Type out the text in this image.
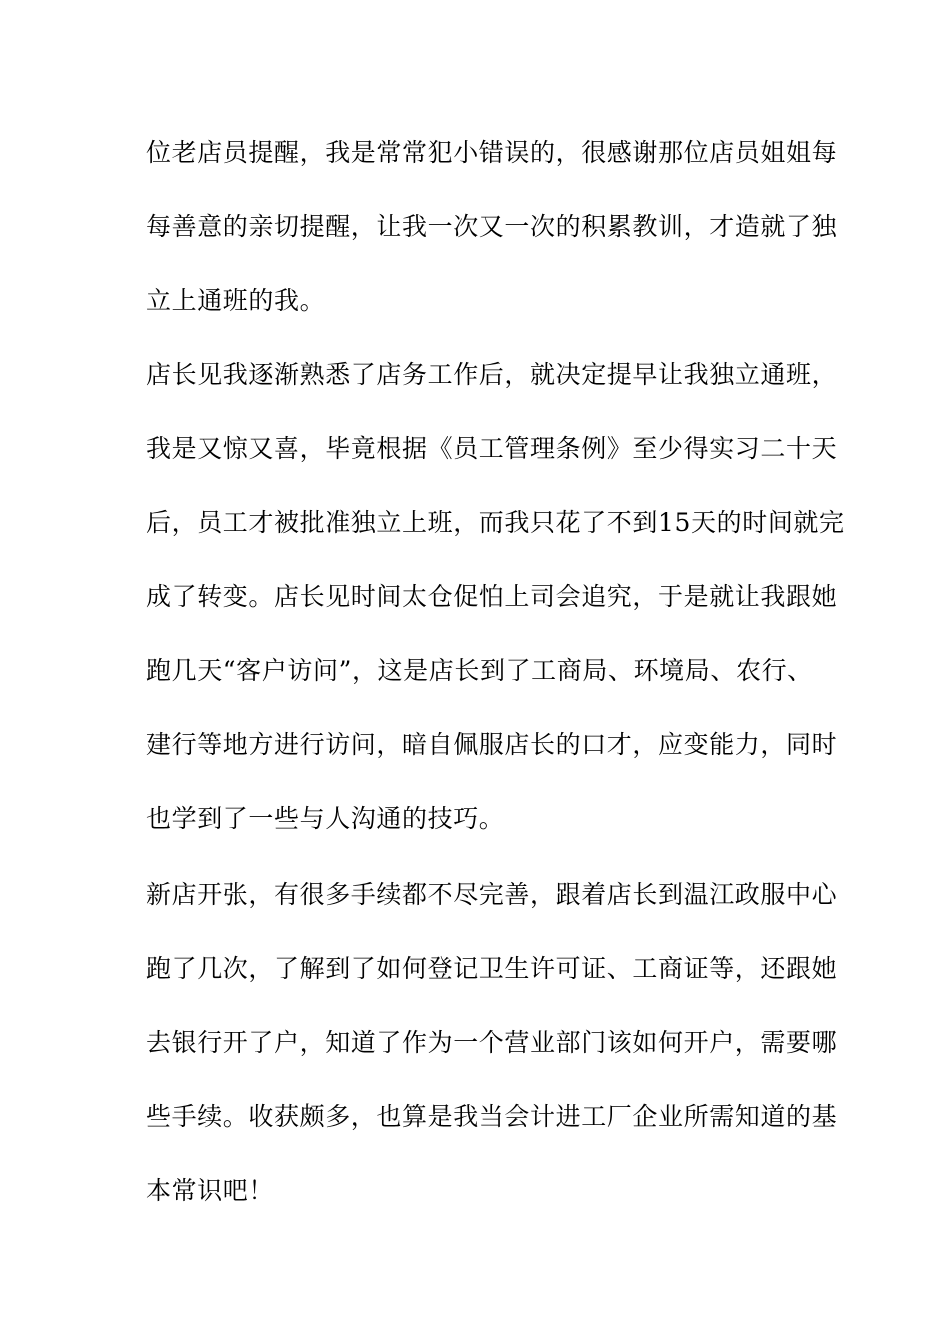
位老店员提醒，我是常常犯小错误的，很感谢那位店员姐姐每
每善意的亲切提醒，让我一次又一次的积累教训，才造就了独
立上通班的我。
店长见我逐渐熟悉了店务工作后，就决定提早让我独立通班，
我是又惊又喜，毕竟根据《员工管理条例》至少得实习二十天
后，员工才被批准独立上班，而我只花了不到15天的时间就完
成了转变。店长见时间太仓促怕上司会追究，于是就让我跟她
跑几天“客户访问”，这是店长到了工商局、环境局、农行、
建行等地方进行访问，暗自佩服店长的口才，应变能力，同时
也学到了一些与人沟通的技巧。
新店开张，有很多手续都不尽完善，跟着店长到温江政服中心
跑了几次，了解到了如何登记卫生许可证、工商证等，还跟她
去银行开了户，知道了作为一个营业部门该如何开户，需要哪
些手续。收获颇多，也算是我当会计进工厂企业所需知道的基
本常识吧！
